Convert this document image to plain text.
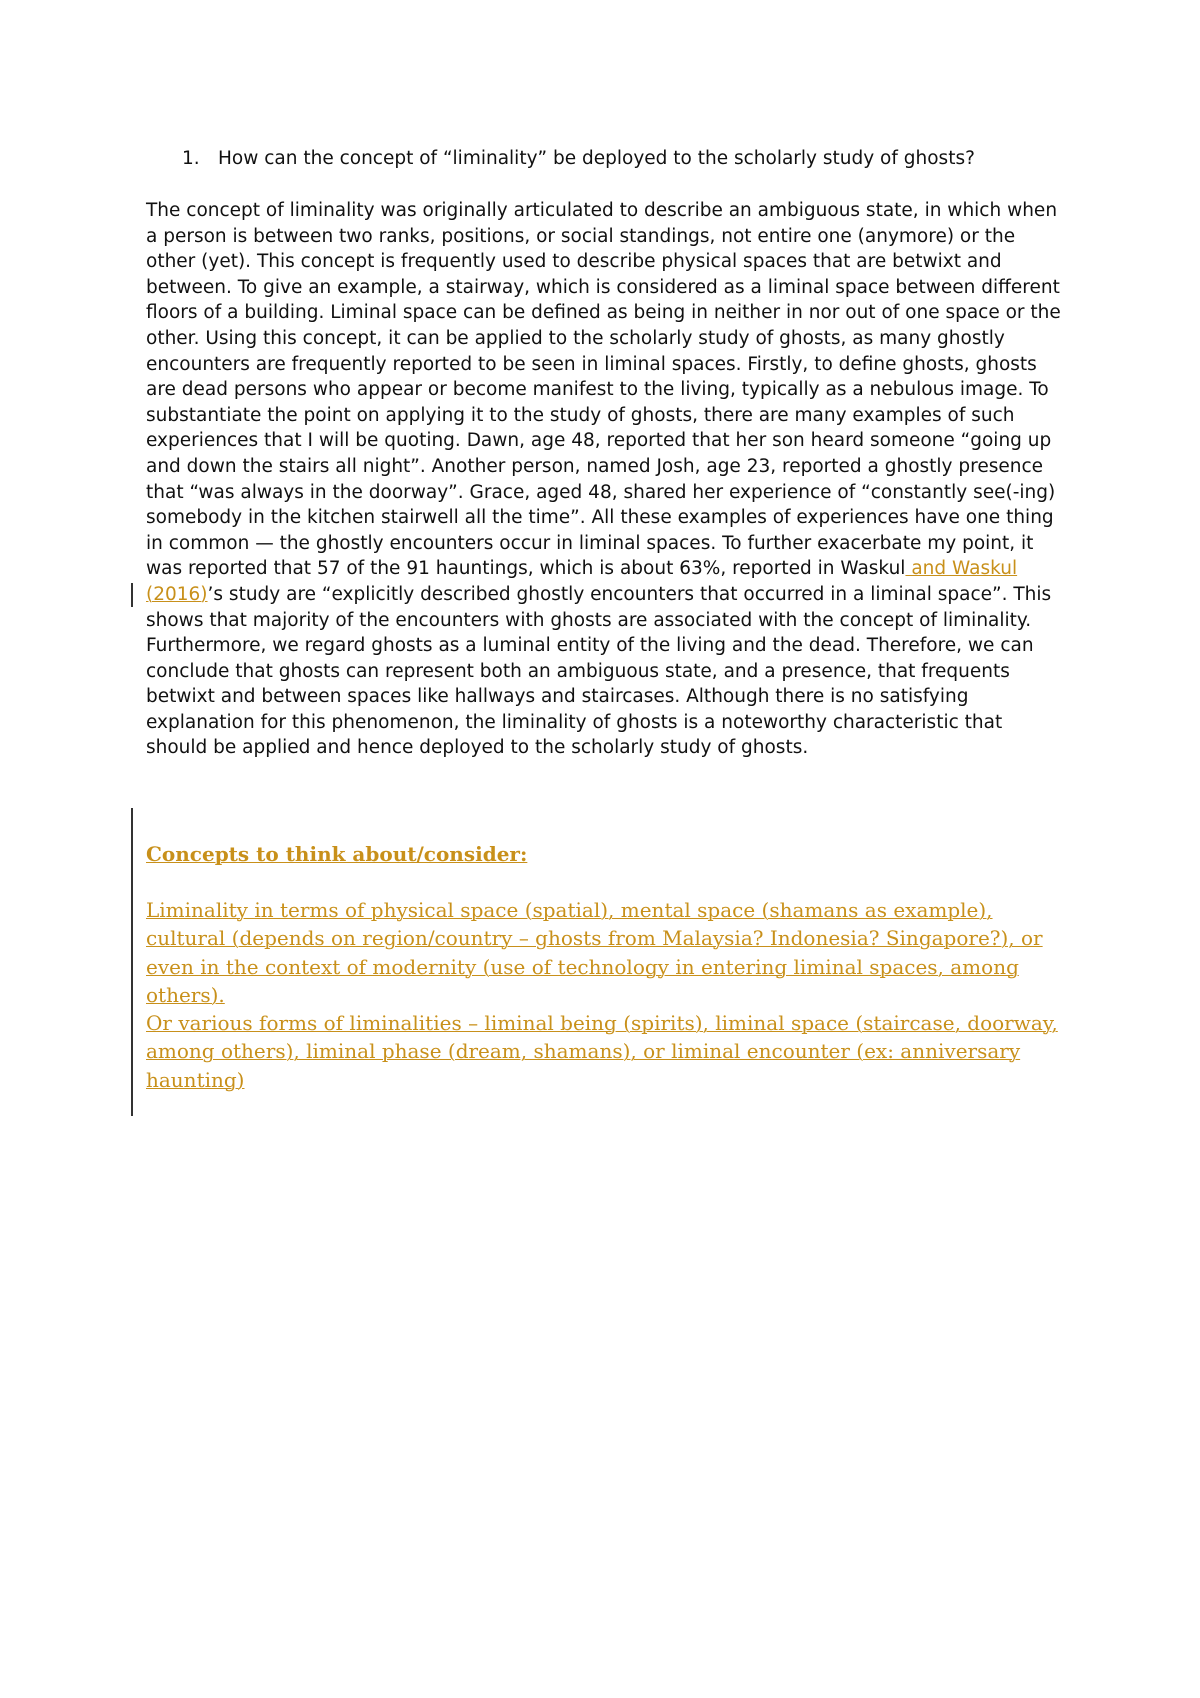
1. How can the concept of “liminality” be deployed to the scholarly study of ghosts?

The concept of liminality was originally articulated to describe an ambiguous state, in which when a person is between two ranks, positions, or social standings, not entire one (anymore) or the other (yet). This concept is frequently used to describe physical spaces that are betwixt and between. To give an example, a stairway, which is considered as a liminal space between different floors of a building. Liminal space can be defined as being in neither in nor out of one space or the other. Using this concept, it can be applied to the scholarly study of ghosts, as many ghostly encounters are frequently reported to be seen in liminal spaces. Firstly, to define ghosts, ghosts are dead persons who appear or become manifest to the living, typically as a nebulous image. To substantiate the point on applying it to the study of ghosts, there are many examples of such experiences that I will be quoting. Dawn, age 48, reported that her son heard someone “going up and down the stairs all night”. Another person, named Josh, age 23, reported a ghostly presence that “was always in the doorway”. Grace, aged 48, shared her experience of “constantly see(-ing) somebody in the kitchen stairwell all the time”. All these examples of experiences have one thing in common — the ghostly encounters occur in liminal spaces. To further exacerbate my point, it was reported that 57 of the 91 hauntings, which is about 63%, reported in Waskul and Waskul (2016)’s study are “explicitly described ghostly encounters that occurred in a liminal space”. This shows that majority of the encounters with ghosts are associated with the concept of liminality. Furthermore, we regard ghosts as a luminal entity of the living and the dead. Therefore, we can conclude that ghosts can represent both an ambiguous state, and a presence, that frequents betwixt and between spaces like hallways and staircases. Although there is no satisfying explanation for this phenomenon, the liminality of ghosts is a noteworthy characteristic that should be applied and hence deployed to the scholarly study of ghosts.

Concepts to think about/consider:

Liminality in terms of physical space (spatial), mental space (shamans as example), cultural (depends on region/country – ghosts from Malaysia? Indonesia? Singapore?), or even in the context of modernity (use of technology in entering liminal spaces, among others).

Or various forms of liminalities – liminal being (spirits), liminal space (staircase, doorway, among others), liminal phase (dream, shamans), or liminal encounter (ex: anniversary haunting)
